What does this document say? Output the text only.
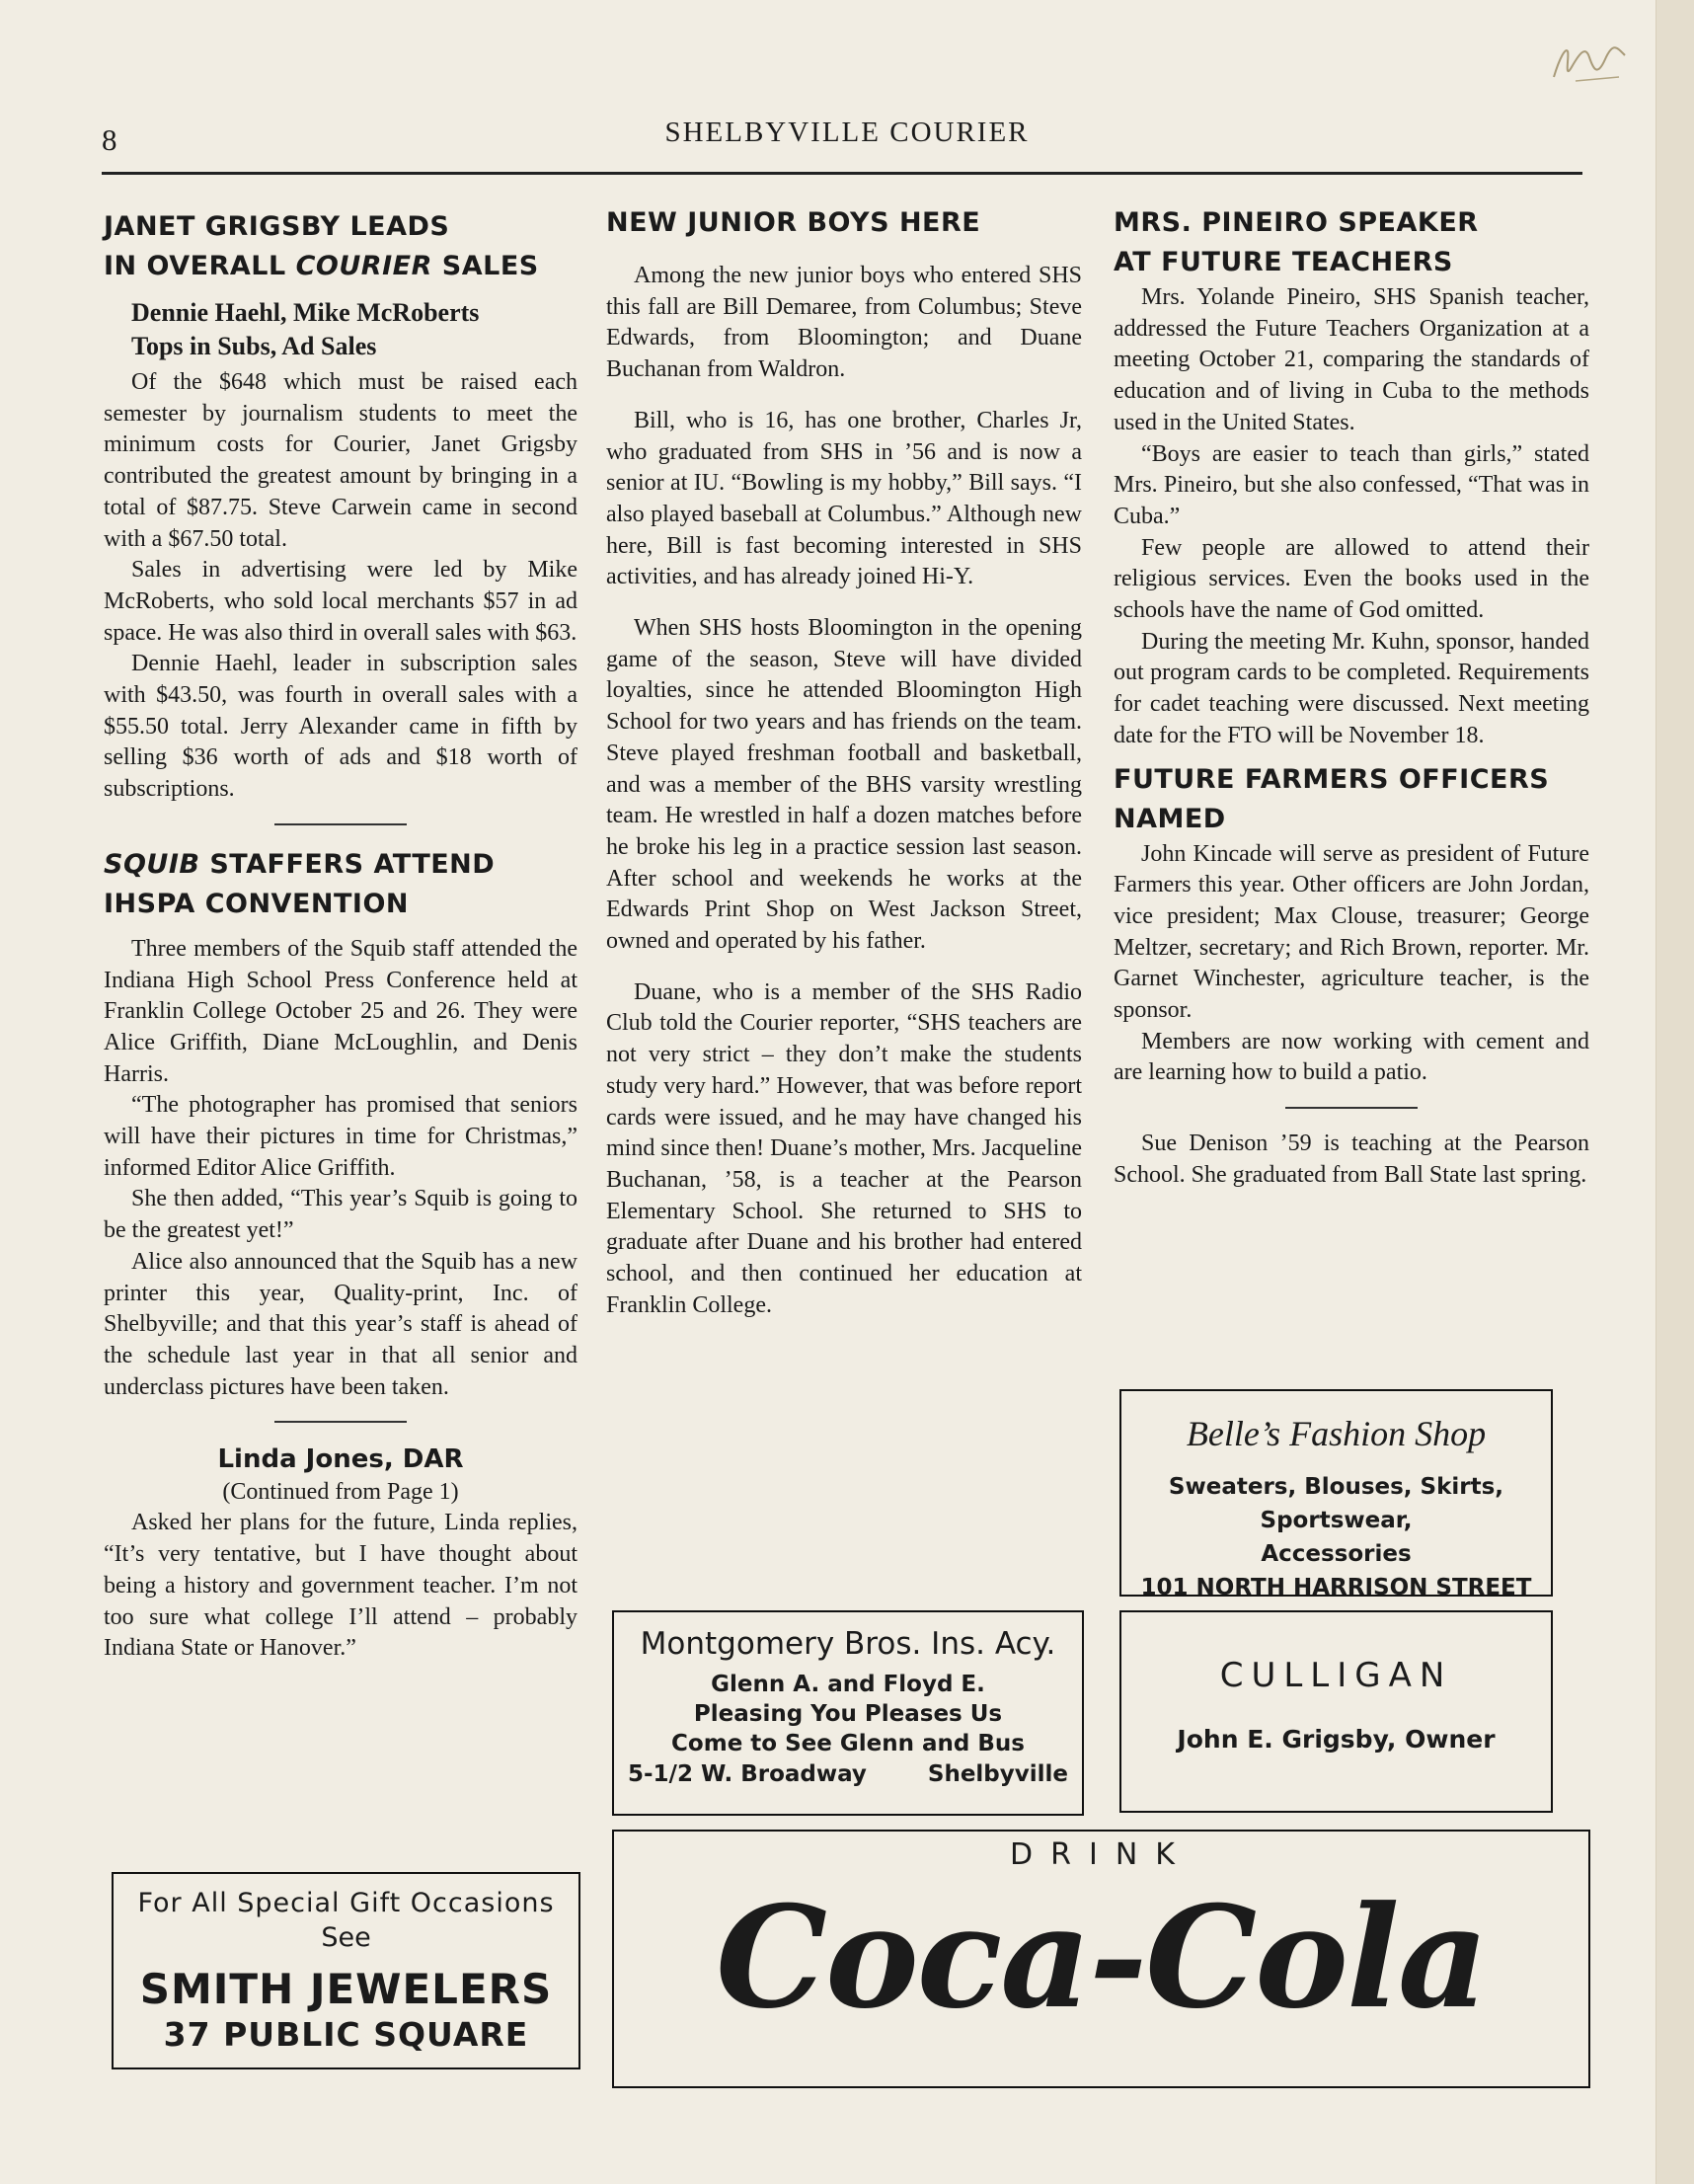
8	SHELBYVILLE COURIER
JANET GRIGSBY LEADS
IN OVERALL COURIER SALES
Dennie Haehl, Mike McRoberts
Tops in Subs, Ad Sales

Of the $648 which must be raised each semester by journalism students to meet the minimum costs for Courier, Janet Grigsby contributed the greatest amount by bringing in a total of $87.75. Steve Carwein came in second with a $67.50 total.

Sales in advertising were led by Mike McRoberts, who sold local merchants $57 in ad space. He was also third in overall sales with $63.

Dennie Haehl, leader in subscription sales with $43.50, was fourth in overall sales with a $55.50 total. Jerry Alexander came in fifth by selling $36 worth of ads and $18 worth of subscriptions.

SQUIB STAFFERS ATTEND
IHSPA CONVENTION

Three members of the Squib staff attended the Indiana High School Press Conference held at Franklin College October 25 and 26. They were Alice Griffith, Diane McLoughlin, and Denis Harris.

“The photographer has promised that seniors will have their pictures in time for Christmas,” informed Editor Alice Griffith.

She then added, “This year’s Squib is going to be the greatest yet!”

Alice also announced that the Squib has a new printer this year, Quality-print, Inc. of Shelbyville; and that this year’s staff is ahead of the schedule last year in that all senior and underclass pictures have been taken.

Linda Jones, DAR
(Continued from Page 1)

Asked her plans for the future, Linda replies, “It’s very tentative, but I have thought about being a history and government teacher. I’m not too sure what college I’ll attend – probably Indiana State or Hanover.”

NEW JUNIOR BOYS HERE

Among the new junior boys who entered SHS this fall are Bill Demaree, from Columbus; Steve Edwards, from Bloomington; and Duane Buchanan from Waldron.

Bill, who is 16, has one brother, Charles Jr, who graduated from SHS in ’56 and is now a senior at IU. “Bowling is my hobby,” Bill says. “I also played baseball at Columbus.” Although new here, Bill is fast becoming interested in SHS activities, and has already joined Hi-Y.

When SHS hosts Bloomington in the opening game of the season, Steve will have divided loyalties, since he attended Bloomington High School for two years and has friends on the team. Steve played freshman football and basketball, and was a member of the BHS varsity wrestling team. He wrestled in half a dozen matches before he broke his leg in a practice session last season. After school and weekends he works at the Edwards Print Shop on West Jackson Street, owned and operated by his father.

Duane, who is a member of the SHS Radio Club told the Courier reporter, “SHS teachers are not very strict – they don’t make the students study very hard.” However, that was before report cards were issued, and he may have changed his mind since then! Duane’s mother, Mrs. Jacqueline Buchanan, ’58, is a teacher at the Pearson Elementary School. She returned to SHS to graduate after Duane and his brother had entered school, and then continued her education at Franklin College.

MRS. PINEIRO SPEAKER
AT FUTURE TEACHERS

Mrs. Yolande Pineiro, SHS Spanish teacher, addressed the Future Teachers Organization at a meeting October 21, comparing the standards of education and of living in Cuba to the methods used in the United States.

“Boys are easier to teach than girls,” stated Mrs. Pineiro, but she also confessed, “That was in Cuba.”

Few people are allowed to attend their religious services. Even the books used in the schools have the name of God omitted.

During the meeting Mr. Kuhn, sponsor, handed out program cards to be completed. Requirements for cadet teaching were discussed. Next meeting date for the FTO will be November 18.

FUTURE FARMERS OFFICERS NAMED

John Kincade will serve as president of Future Farmers this year. Other officers are John Jordan, vice president; Max Clouse, treasurer; George Meltzer, secretary; and Rich Brown, reporter. Mr. Garnet Winchester, agriculture teacher, is the sponsor.

Members are now working with cement and are learning how to build a patio.

Sue Denison ’59 is teaching at the Pearson School. She graduated from Ball State last spring.

For All Special Gift Occasions
See
SMITH JEWELERS
37 PUBLIC SQUARE
Montgomery Bros. Ins. Acy.
Glenn A. and Floyd E.
Pleasing You Pleases Us
Come to See Glenn and Bus
5-1/2 W. Broadway	Shelbyville
Belle’s Fashion Shop
Sweaters, Blouses, Skirts, Sportswear,
Accessories
101 NORTH HARRISON STREET
CULLIGAN
John E. Grigsby, Owner
DRINK
Coca-Cola
